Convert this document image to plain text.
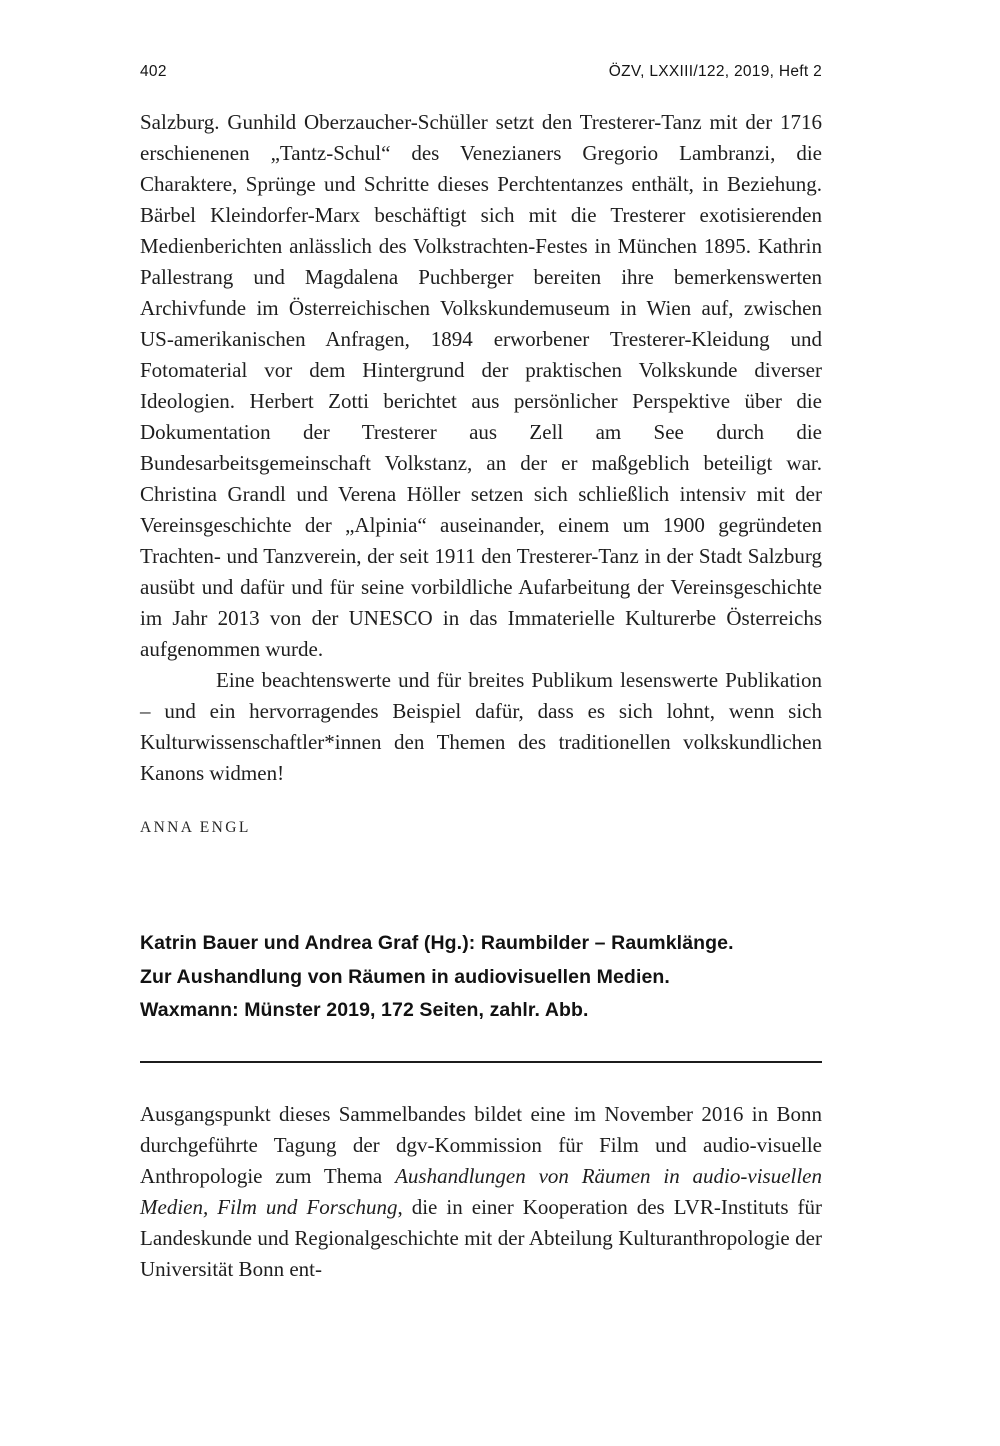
402	ÖZV, LXXIII/122, 2019, Heft 2

Salzburg. Gunhild Oberzaucher-Schüller setzt den Tresterer-Tanz mit der 1716 erschienenen „Tantz-Schul“ des Venezianers Gregorio Lambranzi, die Charaktere, Sprünge und Schritte dieses Perchtentanzes enthält, in Beziehung. Bärbel Kleindorfer-Marx beschäftigt sich mit die Tresterer exotisierenden Medienberichten anlässlich des Volkstrachten-Festes in München 1895. Kathrin Pallestrang und Magdalena Puchberger bereiten ihre bemerkenswerten Archivfunde im Österreichischen Volkskundemuseum in Wien auf, zwischen US-amerikanischen Anfragen, 1894 erworbener Tresterer-Kleidung und Fotomaterial vor dem Hintergrund der praktischen Volkskunde diverser Ideologien. Herbert Zotti berichtet aus persönlicher Perspektive über die Dokumentation der Tresterer aus Zell am See durch die Bundesarbeitsgemeinschaft Volkstanz, an der er maßgeblich beteiligt war. Christina Grandl und Verena Höller setzen sich schließlich intensiv mit der Vereinsgeschichte der „Alpinia“ auseinander, einem um 1900 gegründeten Trachten- und Tanzverein, der seit 1911 den Tresterer-Tanz in der Stadt Salzburg ausübt und dafür und für seine vorbildliche Aufarbeitung der Vereinsgeschichte im Jahr 2013 von der UNESCO in das Immaterielle Kulturerbe Österreichs aufgenommen wurde.

Eine beachtenswerte und für breites Publikum lesenswerte Publikation – und ein hervorragendes Beispiel dafür, dass es sich lohnt, wenn sich Kulturwissenschaftler*innen den Themen des traditionellen volkskundlichen Kanons widmen!

ANNA ENGL
Katrin Bauer und Andrea Graf (Hg.): Raumbilder – Raumklänge.
Zur Aushandlung von Räumen in audiovisuellen Medien.
Waxmann: Münster 2019, 172 Seiten, zahlr. Abb.

Ausgangspunkt dieses Sammelbandes bildet eine im November 2016 in Bonn durchgeführte Tagung der dgv-Kommission für Film und audio-visuelle Anthropologie zum Thema Aushandlungen von Räumen in audio-visuellen Medien, Film und Forschung, die in einer Kooperation des LVR-Instituts für Landeskunde und Regionalgeschichte mit der Abteilung Kulturanthropologie der Universität Bonn ent-
